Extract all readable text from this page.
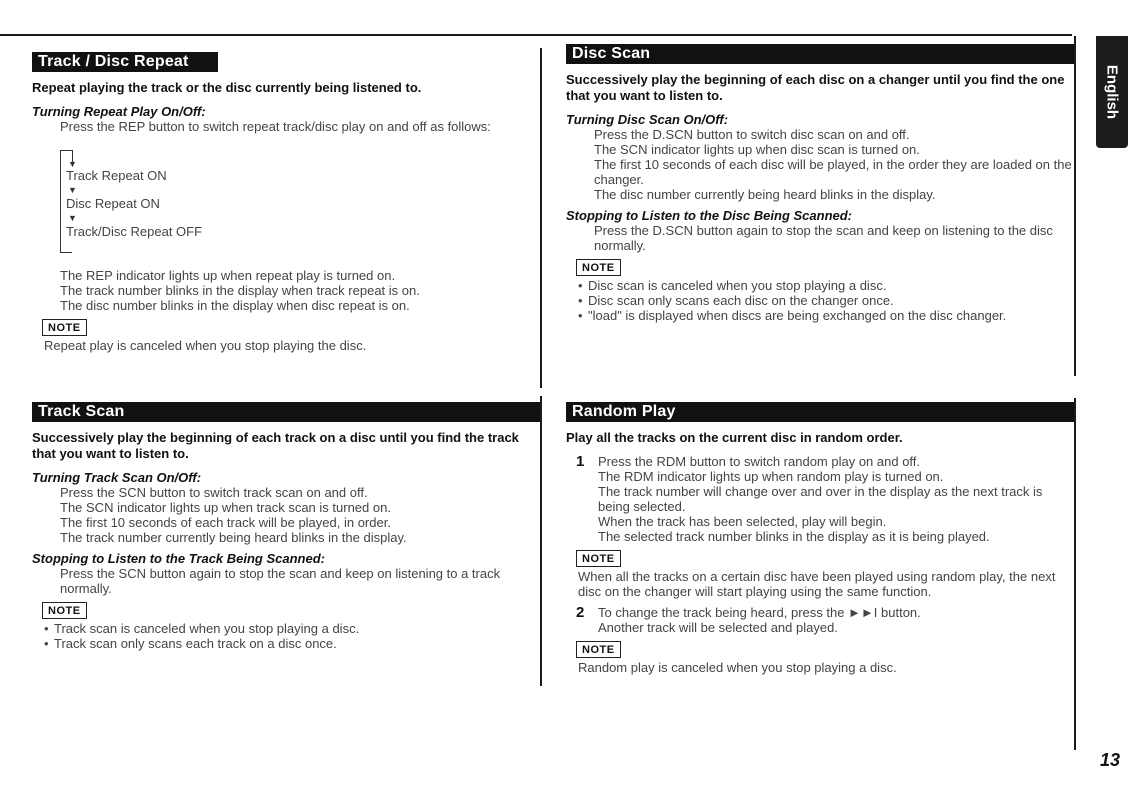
English
Track / Disc Repeat

Repeat playing the track or the disc currently being listened to.

Turning Repeat Play On/Off:

Press the REP button to switch repeat track/disc play on and off as follows:

▼
Track Repeat ON
▼
Disc Repeat ON
▼
Track/Disc Repeat OFF

The REP indicator lights up when repeat play is turned on.

The track number blinks in the display when track repeat is on.

The disc number blinks in the display when disc repeat is on.

NOTE

Repeat play is canceled when you stop playing the disc.

Track Scan

Successively play the beginning of each track on a disc until you find the track that you want to listen to.

Turning Track Scan On/Off:

Press the SCN button to switch track scan on and off.

The SCN indicator lights up when track scan is turned on.

The first 10 seconds of each track will be played, in order.

The track number currently being heard blinks in the display.

Stopping to Listen to the Track Being Scanned:

Press the SCN button again to stop the scan and keep on listening to a track normally.

NOTE
• Track scan is canceled when you stop playing a disc.
• Track scan only scans each track on a disc once.
Disc Scan

Successively play the beginning of each disc on a changer until you find the one that you want to listen to.

Turning Disc Scan On/Off:

Press the D.SCN button to switch disc scan on and off.

The SCN indicator lights up when disc scan is turned on.

The first 10 seconds of each disc will be played, in the order they are loaded on the changer.

The disc number currently being heard blinks in the display.

Stopping to Listen to the Disc Being Scanned:

Press the D.SCN button again to stop the scan and keep on listening to the disc normally.

NOTE
• Disc scan is canceled when you stop playing a disc.
• Disc scan only scans each disc on the changer once.
• "load" is displayed when discs are being exchanged on the disc changer.
Random Play

Play all the tracks on the current disc in random order.

1 Press the RDM button to switch random play on and off.

The RDM indicator lights up when random play is turned on.

The track number will change over and over in the display as the next track is being selected.

When the track has been selected, play will begin.

The selected track number blinks in the display as it is being played.

NOTE

When all the tracks on a certain disc have been played using random play, the next disc on the changer will start playing using the same function.

2 To change the track being heard, press the ►►I button.

Another track will be selected and played.

NOTE

Random play is canceled when you stop playing a disc.

13
